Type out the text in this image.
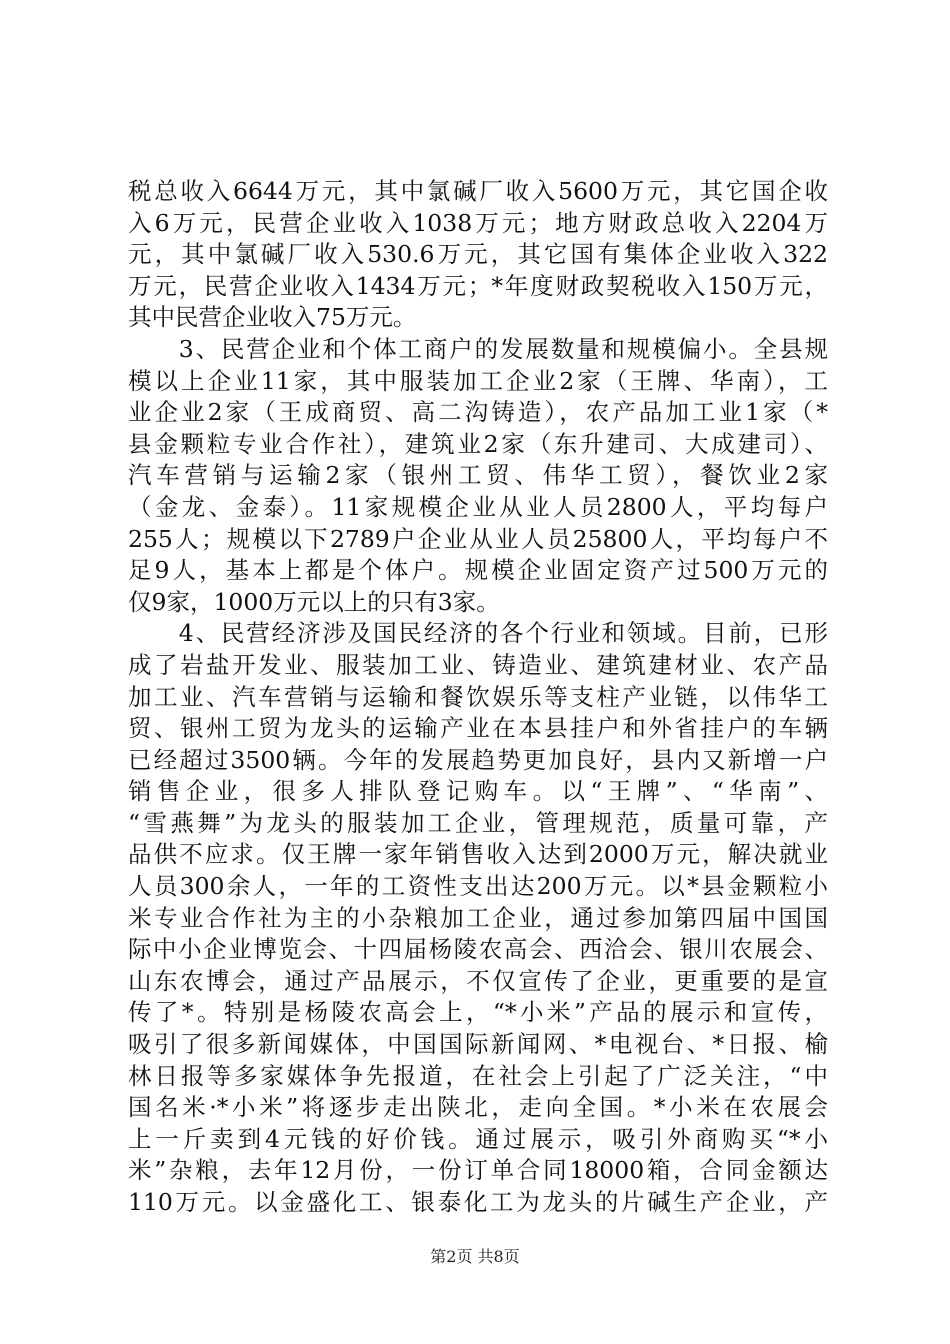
税总收入6644万元，其中氯碱厂收入5600万元，其它国企收
入6万元，民营企业收入1038万元；地方财政总收入2204万
元，其中氯碱厂收入530.6万元，其它国有集体企业收入322
万元，民营企业收入1434万元；*年度财政契税收入150万元，
其中民营企业收入75万元。
　　3、民营企业和个体工商户的发展数量和规模偏小。全县规
模以上企业11家，其中服装加工企业2家（王牌、华南），工
业企业2家（王成商贸、高二沟铸造），农产品加工业1家（*
县金颗粒专业合作社），建筑业2家（东升建司、大成建司）、
汽车营销与运输2家（银州工贸、伟华工贸），餐饮业2家
（金龙、金泰）。11家规模企业从业人员2800人，平均每户
255人；规模以下2789户企业从业人员25800人，平均每户不
足9人，基本上都是个体户。规模企业固定资产过500万元的
仅9家，1000万元以上的只有3家。
　　4、民营经济涉及国民经济的各个行业和领域。目前，已形
成了岩盐开发业、服装加工业、铸造业、建筑建材业、农产品
加工业、汽车营销与运输和餐饮娱乐等支柱产业链，以伟华工
贸、银州工贸为龙头的运输产业在本县挂户和外省挂户的车辆
已经超过3500辆。今年的发展趋势更加良好，县内又新增一户
销售企业，很多人排队登记购车。以“王牌”、“华南”、
“雪燕舞”为龙头的服装加工企业，管理规范，质量可靠，产
品供不应求。仅王牌一家年销售收入达到2000万元，解决就业
人员300余人，一年的工资性支出达200万元。以*县金颗粒小
米专业合作社为主的小杂粮加工企业，通过参加第四届中国国
际中小企业博览会、十四届杨陵农高会、西洽会、银川农展会、
山东农博会，通过产品展示，不仅宣传了企业，更重要的是宣
传了*。特别是杨陵农高会上，“*小米”产品的展示和宣传，
吸引了很多新闻媒体，中国国际新闻网、*电视台、*日报、榆
林日报等多家媒体争先报道，在社会上引起了广泛关注，“中
国名米·*小米”将逐步走出陕北，走向全国。*小米在农展会
上一斤卖到4元钱的好价钱。通过展示，吸引外商购买“*小
米”杂粮，去年12月份，一份订单合同18000箱，合同金额达
110万元。以金盛化工、银泰化工为龙头的片碱生产企业，产
第2页 共8页
